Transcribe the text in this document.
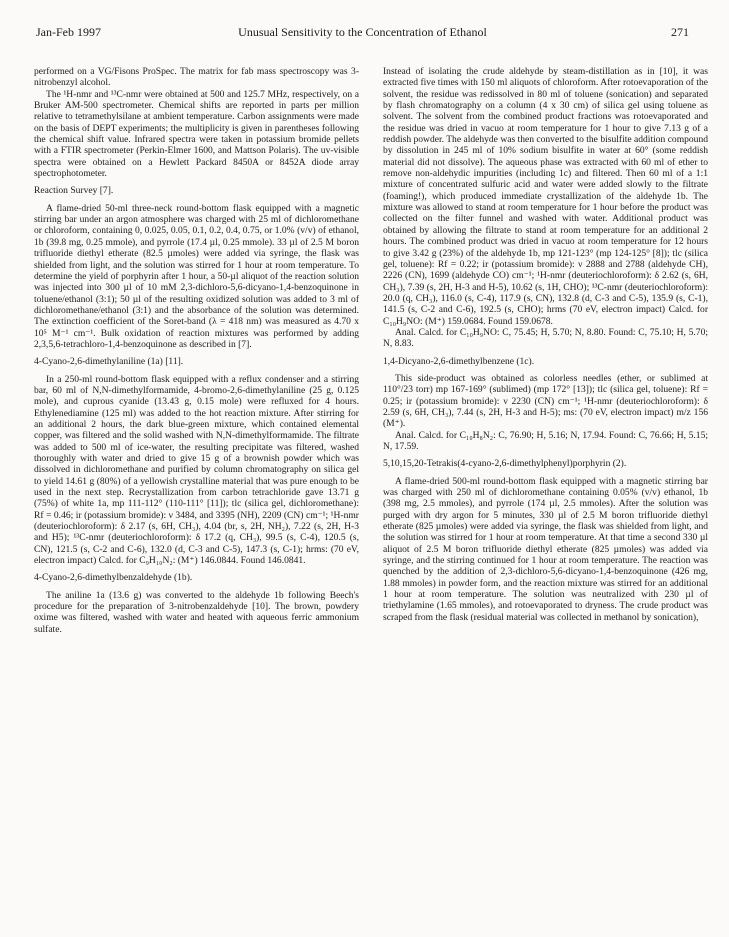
Jan-Feb 1997	Unusual Sensitivity to the Concentration of Ethanol	271

performed on a VG/Fisons ProSpec. The matrix for fab mass spectroscopy was 3-nitrobenzyl alcohol.

The ¹H-nmr and ¹³C-nmr were obtained at 500 and 125.7 MHz, respectively, on a Bruker AM-500 spectrometer. Chemical shifts are reported in parts per million relative to tetramethylsilane at ambient temperature. Carbon assignments were made on the basis of DEPT experiments; the multiplicity is given in parentheses following the chemical shift value. Infrared spectra were taken in potassium bromide pellets with a FTIR spectrometer (Perkin-Elmer 1600, and Mattson Polaris). The uv-visible spectra were obtained on a Hewlett Packard 8450A or 8452A diode array spectrophotometer.

Reaction Survey [7].

A flame-dried 50-ml three-neck round-bottom flask equipped with a magnetic stirring bar under an argon atmosphere was charged with 25 ml of dichloromethane or chloroform, containing 0, 0.025, 0.05, 0.1, 0.2, 0.4, 0.75, or 1.0% (v/v) of ethanol, 1b (39.8 mg, 0.25 mmole), and pyrrole (17.4 µl, 0.25 mmole). 33 µl of 2.5 M boron trifluoride diethyl etherate (82.5 µmoles) were added via syringe, the flask was shielded from light, and the solution was stirred for 1 hour at room temperature. To determine the yield of porphyrin after 1 hour, a 50-µl aliquot of the reaction solution was injected into 300 µl of 10 mM 2,3-dichloro-5,6-dicyano-1,4-benzoquinone in toluene/ethanol (3:1); 50 µl of the resulting oxidized solution was added to 3 ml of dichloromethane/ethanol (3:1) and the absorbance of the solution was determined. The extinction coefficient of the Soret-band (λ = 418 nm) was measured as 4.70 x 10⁵ M⁻¹ cm⁻¹. Bulk oxidation of reaction mixtures was performed by adding 2,3,5,6-tetrachloro-1,4-benzoquinone as described in [7].

4-Cyano-2,6-dimethylaniline (1a) [11].

In a 250-ml round-bottom flask equipped with a reflux condenser and a stirring bar, 60 ml of N,N-dimethylformamide, 4-bromo-2,6-dimethylaniline (25 g, 0.125 mole), and cuprous cyanide (13.43 g, 0.15 mole) were refluxed for 4 hours. Ethylenediamine (125 ml) was added to the hot reaction mixture. After stirring for an additional 2 hours, the dark blue-green mixture, which contained elemental copper, was filtered and the solid washed with N,N-dimethylformamide. The filtrate was added to 500 ml of ice-water, the resulting precipitate was filtered, washed thoroughly with water and dried to give 15 g of a brownish powder which was dissolved in dichloromethane and purified by column chromatography on silica gel to yield 14.61 g (80%) of a yellowish crystalline material that was pure enough to be used in the next step. Recrystallization from carbon tetrachloride gave 13.71 g (75%) of white 1a, mp 111-112° (110-111° [11]); tlc (silica gel, dichloromethane): Rf = 0.46; ir (potassium bromide): ν 3484, and 3395 (NH), 2209 (CN) cm⁻¹; ¹H-nmr (deuteriochloroform): δ 2.17 (s, 6H, CH₃), 4.04 (br, s, 2H, NH₂), 7.22 (s, 2H, H-3 and H5); ¹³C-nmr (deuteriochloroform): δ 17.2 (q, CH₃), 99.5 (s, C-4), 120.5 (s, CN), 121.5 (s, C-2 and C-6), 132.0 (d, C-3 and C-5), 147.3 (s, C-1); hrms: (70 eV, electron impact) Calcd. for C₉H₁₀N₂: (M⁺) 146.0844. Found 146.0841.

4-Cyano-2,6-dimethylbenzaldehyde (1b).

The aniline 1a (13.6 g) was converted to the aldehyde 1b following Beech's procedure for the preparation of 3-nitrobenzaldehyde [10]. The brown, powdery oxime was filtered, washed with water and heated with aqueous ferric ammonium sulfate.

Instead of isolating the crude aldehyde by steam-distillation as in [10], it was extracted five times with 150 ml aliquots of chloroform. After rotoevaporation of the solvent, the residue was redissolved in 80 ml of toluene (sonication) and separated by flash chromatography on a column (4 x 30 cm) of silica gel using toluene as solvent. The solvent from the combined product fractions was rotoevaporated and the residue was dried in vacuo at room temperature for 1 hour to give 7.13 g of a reddish powder. The aldehyde was then converted to the bisulfite addition compound by dissolution in 245 ml of 10% sodium bisulfite in water at 60° (some reddish material did not dissolve). The aqueous phase was extracted with 60 ml of ether to remove non-aldehydic impurities (including 1c) and filtered. Then 60 ml of a 1:1 mixture of concentrated sulfuric acid and water were added slowly to the filtrate (foaming!), which produced immediate crystallization of the aldehyde 1b. The mixture was allowed to stand at room temperature for 1 hour before the product was collected on the filter funnel and washed with water. Additional product was obtained by allowing the filtrate to stand at room temperature for an additional 2 hours. The combined product was dried in vacuo at room temperature for 12 hours to give 3.42 g (23%) of the aldehyde 1b, mp 121-123° (mp 124-125° [8]); tlc (silica gel, toluene): Rf = 0.22; ir (potassium bromide): ν 2888 and 2788 (aldehyde CH), 2226 (CN), 1699 (aldehyde CO) cm⁻¹; ¹H-nmr (deuteriochloroform): δ 2.62 (s, 6H, CH₃), 7.39 (s, 2H, H-3 and H-5), 10.62 (s, 1H, CHO); ¹³C-nmr (deuteriochloroform): 20.0 (q, CH₃), 116.0 (s, C-4), 117.9 (s, CN), 132.8 (d, C-3 and C-5), 135.9 (s, C-1), 141.5 (s, C-2 and C-6), 192.5 (s, CHO); hrms (70 eV, electron impact) Calcd. for C₁₀H₉NO: (M⁺) 159.0684. Found 159.0678.

Anal. Calcd. for C₁₀H₉NO: C, 75.45; H, 5.70; N, 8.80. Found: C, 75.10; H, 5.70; N, 8.83.

1,4-Dicyano-2,6-dimethylbenzene (1c).

This side-product was obtained as colorless needles (ether, or sublimed at 110°/23 torr) mp 167-169° (sublimed) (mp 172° [13]); tlc (silica gel, toluene): Rf = 0.25; ir (potassium bromide): ν 2230 (CN) cm⁻¹; ¹H-nmr (deuteriochloroform): δ 2.59 (s, 6H, CH₃), 7.44 (s, 2H, H-3 and H-5); ms: (70 eV, electron impact) m/z 156 (M⁺).

Anal. Calcd. for C₁₀H₈N₂: C, 76.90; H, 5.16; N, 17.94. Found: C, 76.66; H, 5.15; N, 17.59.

5,10,15,20-Tetrakis(4-cyano-2,6-dimethylphenyl)porphyrin (2).

A flame-dried 500-ml round-bottom flask equipped with a magnetic stirring bar was charged with 250 ml of dichloromethane containing 0.05% (v/v) ethanol, 1b (398 mg, 2.5 mmoles), and pyrrole (174 µl, 2.5 mmoles). After the solution was purged with dry argon for 5 minutes, 330 µl of 2.5 M boron trifluoride diethyl etherate (825 µmoles) were added via syringe, the flask was shielded from light, and the solution was stirred for 1 hour at room temperature. At that time a second 330 µl aliquot of 2.5 M boron trifluoride diethyl etherate (825 µmoles) was added via syringe, and the stirring continued for 1 hour at room temperature. The reaction was quenched by the addition of 2,3-dichloro-5,6-dicyano-1,4-benzoquinone (426 mg, 1.88 mmoles) in powder form, and the reaction mixture was stirred for an additional 1 hour at room temperature. The solution was neutralized with 230 µl of triethylamine (1.65 mmoles), and rotoevaporated to dryness. The crude product was scraped from the flask (residual material was collected in methanol by sonication),
